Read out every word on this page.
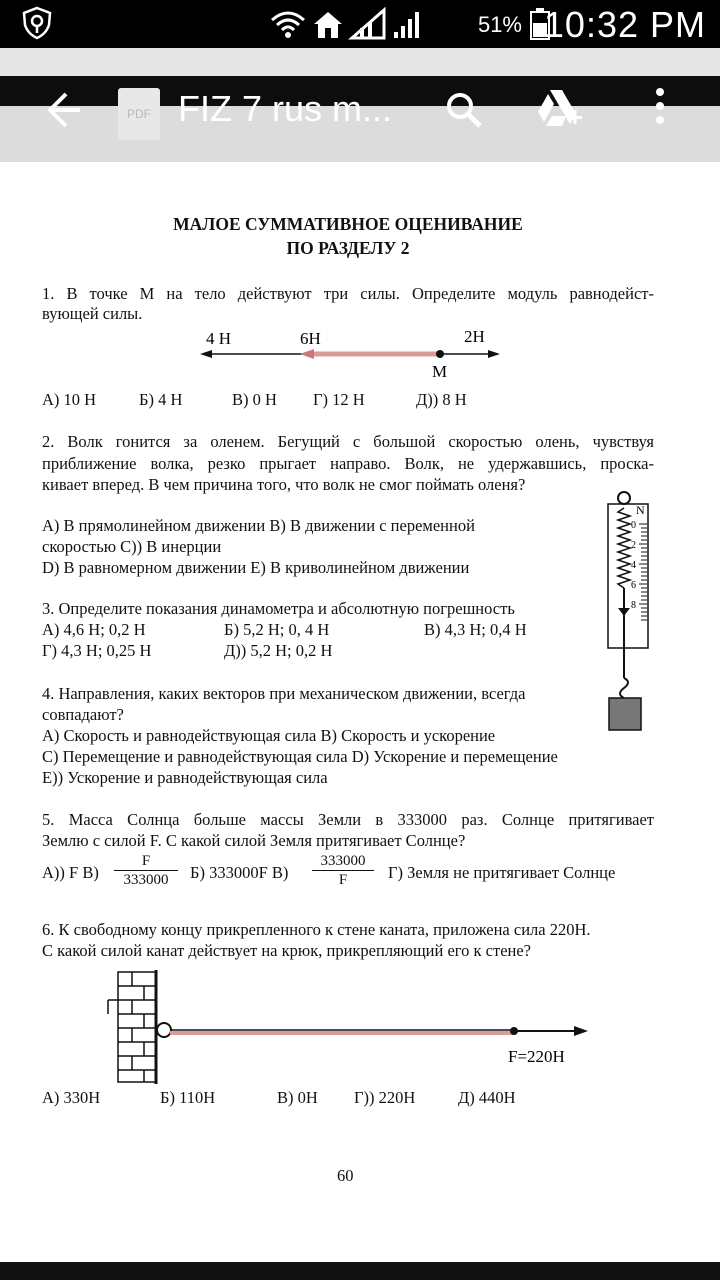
51% 10:32 PM
PDF FIZ 7 rus m...
МАЛОЕ СУММАТИВНОЕ ОЦЕНИВАНИЕ
ПО РАЗДЕЛУ 2
1. В точке М на тело действуют три силы. Определите модуль равнодейст-
вующей силы.
4 Н	6Н	2Н
М
А) 10 Н	Б) 4 Н	В) 0 Н Г) 12 Н	Д)) 8 Н
2. Волк гонится за оленем. Бегущий с большой скоростью олень, чувствуя
приближение волка, резко прыгает направо. Волк, не удержавшись, проска-
кивает вперед. В чем причина того, что волк не смог поймать оленя?
A) В прямолинейном движении B) В движении с переменной
скоростью C)) В инерции
D) В равномерном движении E) В криволинейном движении
N
0
2
4
6
8
3. Определите показания динамометра и абсолютную погрешность
А) 4,6 Н; 0,2 Н	Б) 5,2 Н; 0, 4 Н	В) 4,3 Н; 0,4 Н
Г) 4,3 Н; 0,25 Н	Д)) 5,2 Н; 0,2 Н
4. Направления, каких векторов при механическом движении, всегда
совпадают?
A) Скорость и равнодействующая сила B) Скорость и ускорение
C) Перемещение и равнодействующая сила D) Ускорение и перемещение
E)) Ускорение и равнодействующая сила
5. Масса Солнца больше массы Земли в 333000 раз. Солнце притягивает
Землю с силой F. С какой силой Земля притягивает Солнце?
А)) F $В) \frac{F}{333000} Б$) 333000F $В) \frac{333000}{F} Г$) Земля не притягивает Солнце
6. К свободному концу прикрепленного к стене каната, приложена сила 220Н.
С какой силой канат действует на крюк, прикрепляющий его к стене?
F=220Н
А) 330Н	Б) 110Н	В) 0Н Г)) 220Н	Д) 440Н
60
